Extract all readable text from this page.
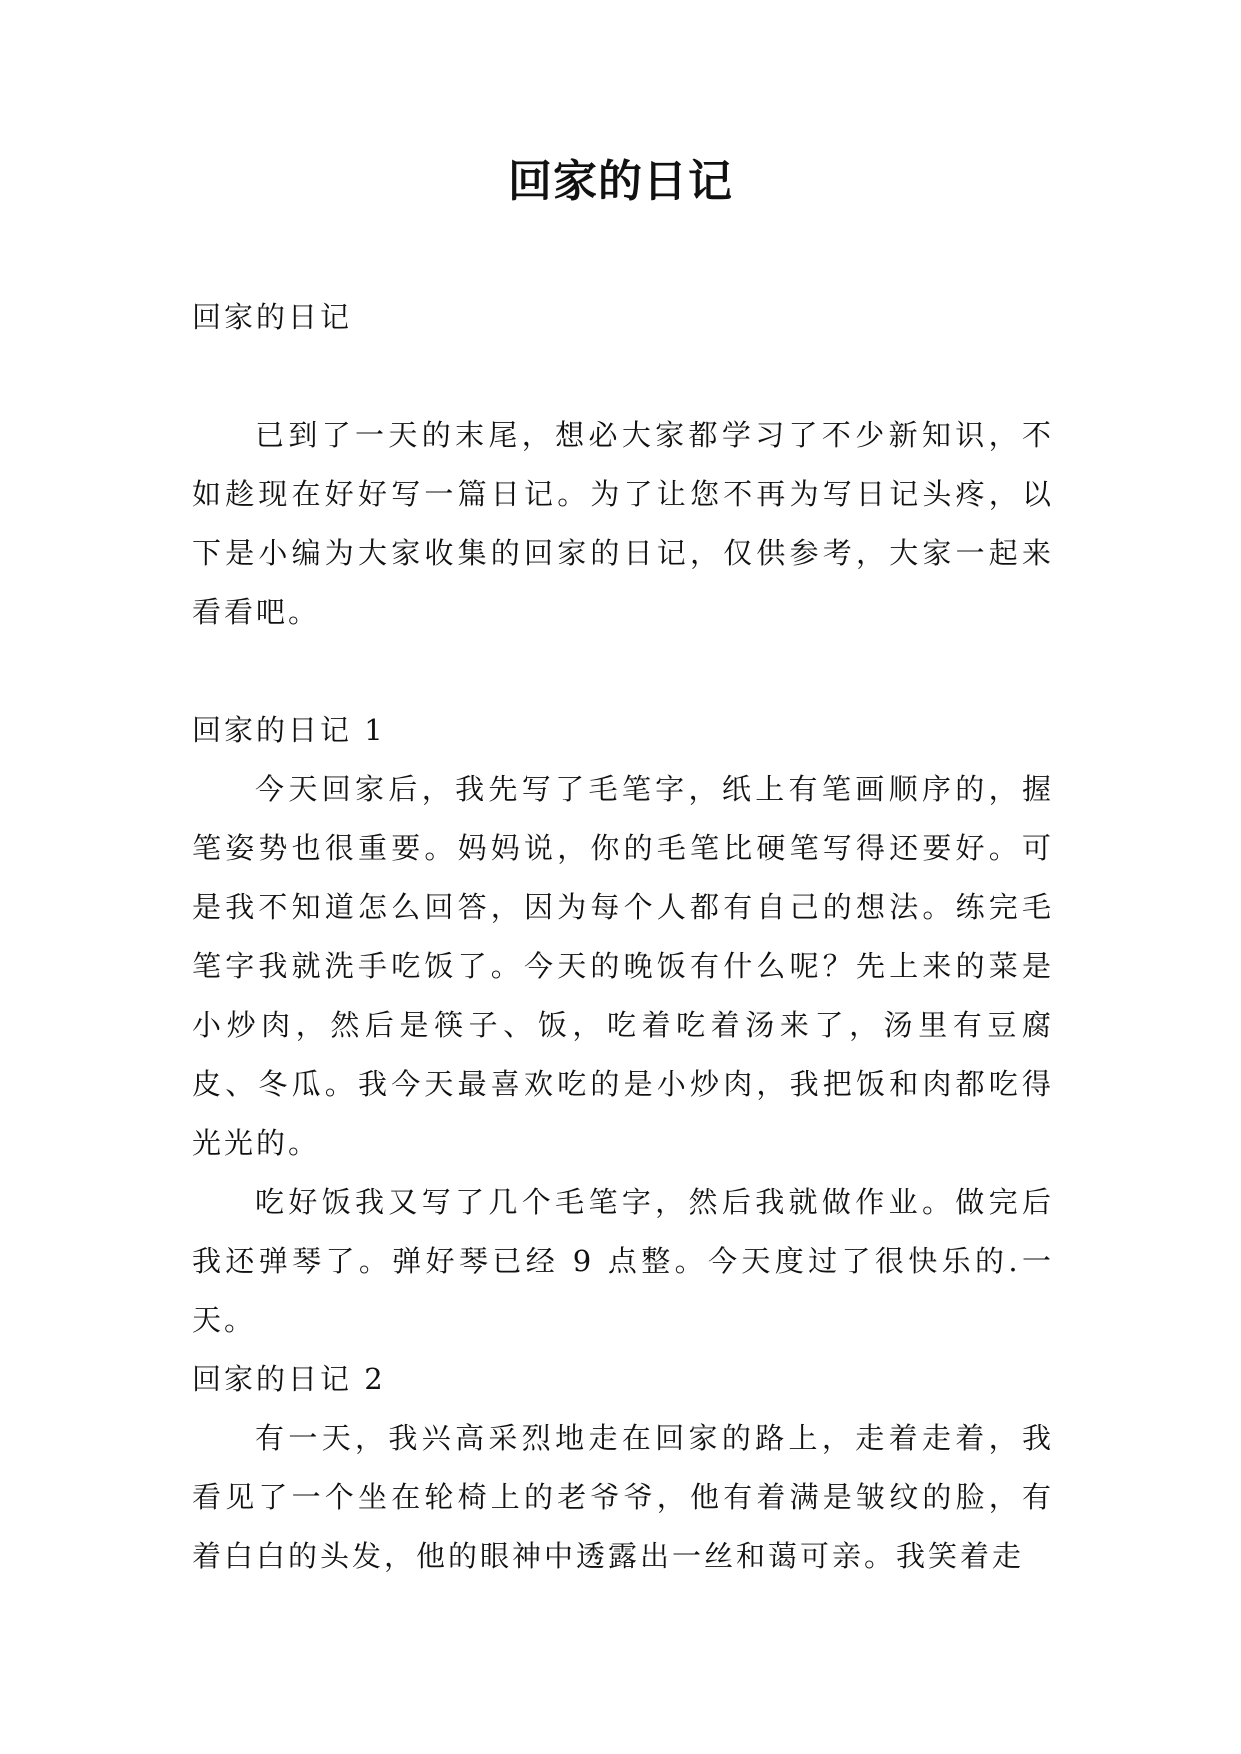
回家的日记

回家的日记

已到了一天的末尾，想必大家都学习了不少新知识，不如趁现在好好写一篇日记。为了让您不再为写日记头疼，以下是小编为大家收集的回家的日记，仅供参考，大家一起来看看吧。

回家的日记 1

今天回家后，我先写了毛笔字，纸上有笔画顺序的，握笔姿势也很重要。妈妈说，你的毛笔比硬笔写得还要好。可是我不知道怎么回答，因为每个人都有自己的想法。练完毛笔字我就洗手吃饭了。今天的晚饭有什么呢？先上来的菜是小炒肉，然后是筷子、饭，吃着吃着汤来了，汤里有豆腐皮、冬瓜。我今天最喜欢吃的是小炒肉，我把饭和肉都吃得光光的。

吃好饭我又写了几个毛笔字，然后我就做作业。做完后我还弹琴了。弹好琴已经 9 点整。今天度过了很快乐的.一天。

回家的日记 2

有一天，我兴高采烈地走在回家的路上，走着走着，我看见了一个坐在轮椅上的老爷爷，他有着满是皱纹的脸，有着白白的头发，他的眼神中透露出一丝和蔼可亲。我笑着走
